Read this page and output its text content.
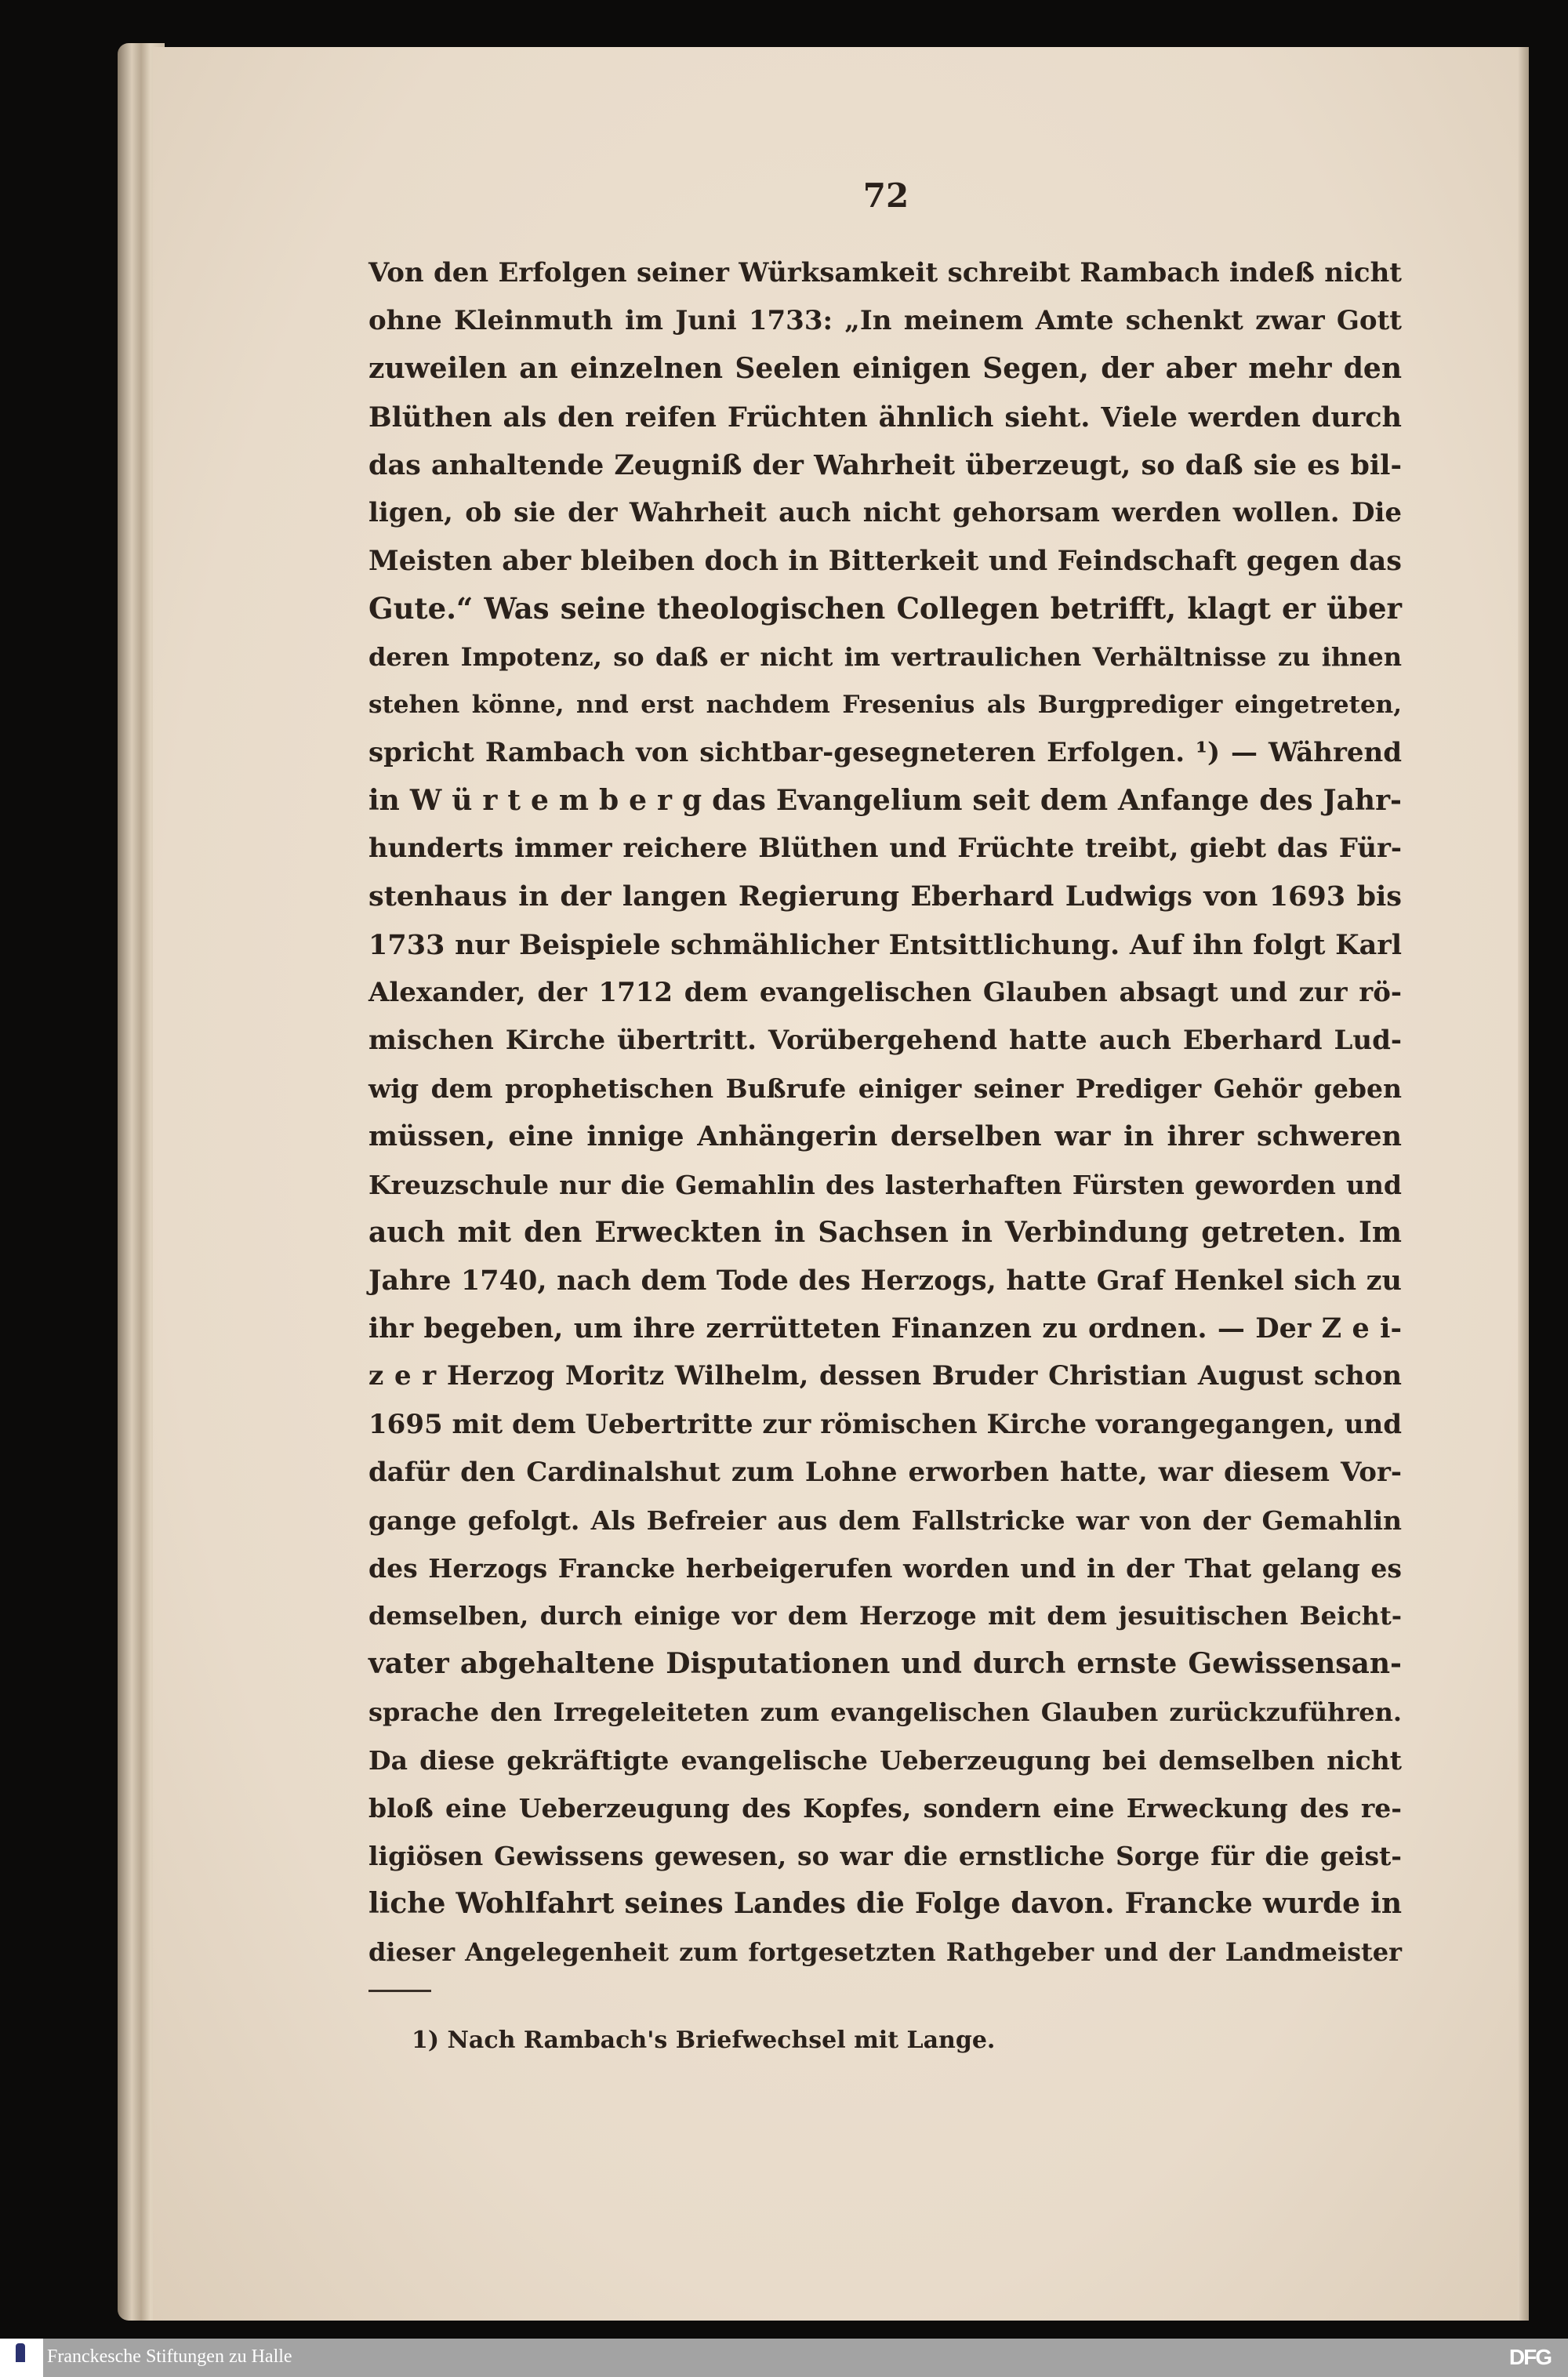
72
Von den Erfolgen seiner Würksamkeit schreibt Rambach indeß nicht
ohne Kleinmuth im Juni 1733: „In meinem Amte schenkt zwar Gott
zuweilen an einzelnen Seelen einigen Segen, der aber mehr den
Blüthen als den reifen Früchten ähnlich sieht. Viele werden durch
das anhaltende Zeugniß der Wahrheit überzeugt, so daß sie es bil-
ligen, ob sie der Wahrheit auch nicht gehorsam werden wollen. Die
Meisten aber bleiben doch in Bitterkeit und Feindschaft gegen das
Gute.“ Was seine theologischen Collegen betrifft, klagt er über
deren Impotenz, so daß er nicht im vertraulichen Verhältnisse zu ihnen
stehen könne, nnd erst nachdem Fresenius als Burgprediger eingetreten,
spricht Rambach von sichtbar-gesegneteren Erfolgen. ¹) — Während
in W ü r t e m b e r g das Evangelium seit dem Anfange des Jahr-
hunderts immer reichere Blüthen und Früchte treibt, giebt das Für-
stenhaus in der langen Regierung Eberhard Ludwigs von 1693 bis
1733 nur Beispiele schmählicher Entsittlichung. Auf ihn folgt Karl
Alexander, der 1712 dem evangelischen Glauben absagt und zur rö-
mischen Kirche übertritt. Vorübergehend hatte auch Eberhard Lud-
wig dem prophetischen Bußrufe einiger seiner Prediger Gehör geben
müssen, eine innige Anhängerin derselben war in ihrer schweren
Kreuzschule nur die Gemahlin des lasterhaften Fürsten geworden und
auch mit den Erweckten in Sachsen in Verbindung getreten. Im
Jahre 1740, nach dem Tode des Herzogs, hatte Graf Henkel sich zu
ihr begeben, um ihre zerrütteten Finanzen zu ordnen. — Der Z e i-
z e r Herzog Moritz Wilhelm, dessen Bruder Christian August schon
1695 mit dem Uebertritte zur römischen Kirche vorangegangen, und
dafür den Cardinalshut zum Lohne erworben hatte, war diesem Vor-
gange gefolgt. Als Befreier aus dem Fallstricke war von der Gemahlin
des Herzogs Francke herbeigerufen worden und in der That gelang es
demselben, durch einige vor dem Herzoge mit dem jesuitischen Beicht-
vater abgehaltene Disputationen und durch ernste Gewissensan-
sprache den Irregeleiteten zum evangelischen Glauben zurückzuführen.
Da diese gekräftigte evangelische Ueberzeugung bei demselben nicht
bloß eine Ueberzeugung des Kopfes, sondern eine Erweckung des re-
ligiösen Gewissens gewesen, so war die ernstliche Sorge für die geist-
liche Wohlfahrt seines Landes die Folge davon. Francke wurde in
dieser Angelegenheit zum fortgesetzten Rathgeber und der Landmeister
1) Nach Rambach's Briefwechsel mit Lange.
Franckesche Stiftungen zu Halle	DFG
